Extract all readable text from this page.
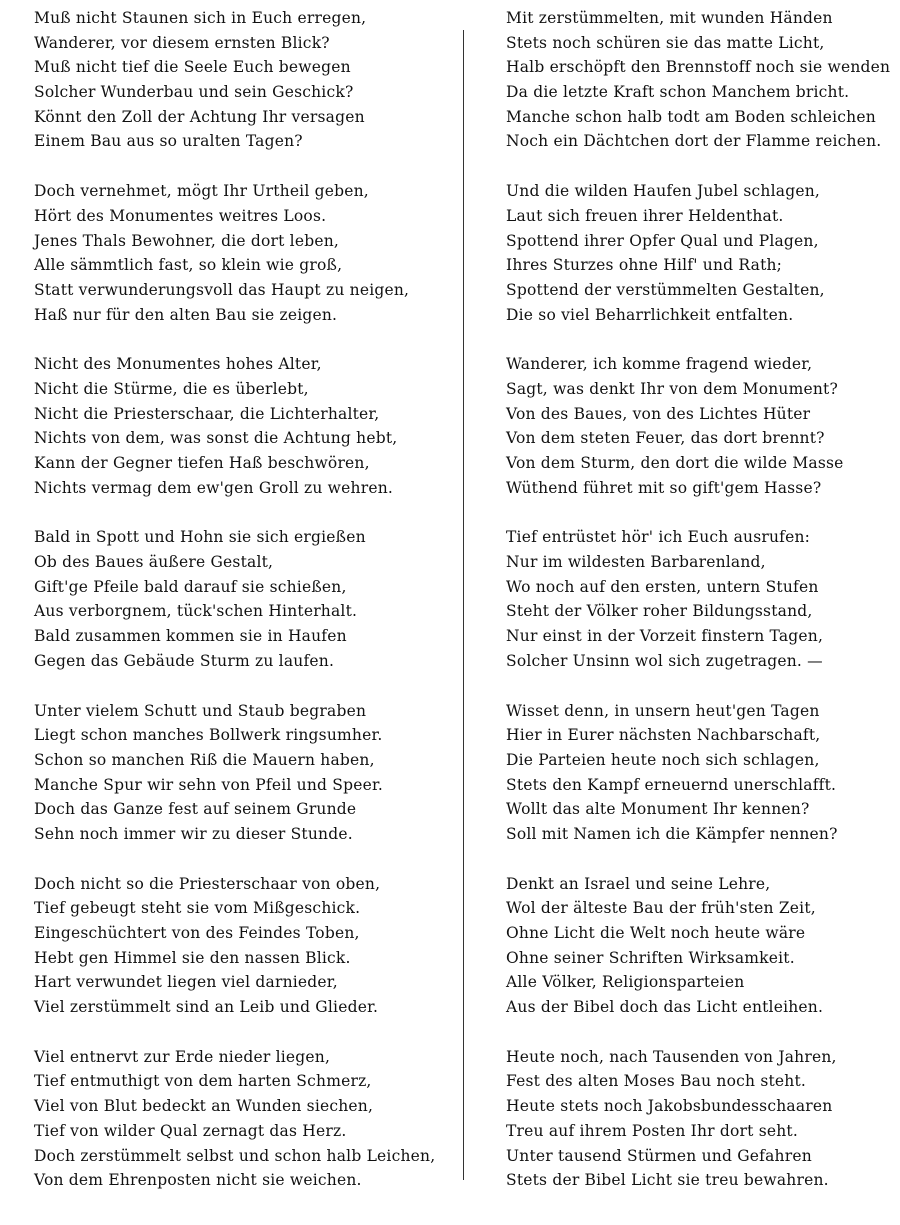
Muß nicht Staunen sich in Euch erregen,
Wanderer, vor diesem ernsten Blick?
Muß nicht tief die Seele Euch bewegen
Solcher Wunderbau und sein Geschick?
Könnt den Zoll der Achtung Ihr versagen
Einem Bau aus so uralten Tagen?
Doch vernehmet, mögt Ihr Urtheil geben,
Hört des Monumentes weitres Loos.
Jenes Thals Bewohner, die dort leben,
Alle sämmtlich fast, so klein wie groß,
Statt verwunderungsvoll das Haupt zu neigen,
Haß nur für den alten Bau sie zeigen.
Nicht des Monumentes hohes Alter,
Nicht die Stürme, die es überlebt,
Nicht die Priesterschaar, die Lichterhalter,
Nichts von dem, was sonst die Achtung hebt,
Kann der Gegner tiefen Haß beschwören,
Nichts vermag dem ew'gen Groll zu wehren.
Bald in Spott und Hohn sie sich ergießen
Ob des Baues äußere Gestalt,
Gift'ge Pfeile bald darauf sie schießen,
Aus verborgnem, tück'schen Hinterhalt.
Bald zusammen kommen sie in Haufen
Gegen das Gebäude Sturm zu laufen.
Unter vielem Schutt und Staub begraben
Liegt schon manches Bollwerk ringsumher.
Schon so manchen Riß die Mauern haben,
Manche Spur wir sehn von Pfeil und Speer.
Doch das Ganze fest auf seinem Grunde
Sehn noch immer wir zu dieser Stunde.
Doch nicht so die Priesterschaar von oben,
Tief gebeugt steht sie vom Mißgeschick.
Eingeschüchtert von des Feindes Toben,
Hebt gen Himmel sie den nassen Blick.
Hart verwundet liegen viel darnieder,
Viel zerstümmelt sind an Leib und Glieder.
Viel entnervt zur Erde nieder liegen,
Tief entmuthigt von dem harten Schmerz,
Viel von Blut bedeckt an Wunden siechen,
Tief von wilder Qual zernagt das Herz.
Doch zerstümmelt selbst und schon halb Leichen,
Von dem Ehrenposten nicht sie weichen.
Mit zerstümmelten, mit wunden Händen
Stets noch schüren sie das matte Licht,
Halb erschöpft den Brennstoff noch sie wenden
Da die letzte Kraft schon Manchem bricht.
Manche schon halb todt am Boden schleichen
Noch ein Dächtchen dort der Flamme reichen.
Und die wilden Haufen Jubel schlagen,
Laut sich freuen ihrer Heldenthat.
Spottend ihrer Opfer Qual und Plagen,
Ihres Sturzes ohne Hilf' und Rath;
Spottend der verstümmelten Gestalten,
Die so viel Beharrlichkeit entfalten.
Wanderer, ich komme fragend wieder,
Sagt, was denkt Ihr von dem Monument?
Von des Baues, von des Lichtes Hüter
Von dem steten Feuer, das dort brennt?
Von dem Sturm, den dort die wilde Masse
Wüthend führet mit so gift'gem Hasse?
Tief entrüstet hör' ich Euch ausrufen:
Nur im wildesten Barbarenland,
Wo noch auf den ersten, untern Stufen
Steht der Völker roher Bildungsstand,
Nur einst in der Vorzeit finstern Tagen,
Solcher Unsinn wol sich zugetragen. —
Wisset denn, in unsern heut'gen Tagen
Hier in Eurer nächsten Nachbarschaft,
Die Parteien heute noch sich schlagen,
Stets den Kampf erneuernd unerschlafft.
Wollt das alte Monument Ihr kennen?
Soll mit Namen ich die Kämpfer nennen?
Denkt an Israel und seine Lehre,
Wol der älteste Bau der früh'sten Zeit,
Ohne Licht die Welt noch heute wäre
Ohne seiner Schriften Wirksamkeit.
Alle Völker, Religionsparteien
Aus der Bibel doch das Licht entleihen.
Heute noch, nach Tausenden von Jahren,
Fest des alten Moses Bau noch steht.
Heute stets noch Jakobsbundesschaaren
Treu auf ihrem Posten Ihr dort seht.
Unter tausend Stürmen und Gefahren
Stets der Bibel Licht sie treu bewahren.
